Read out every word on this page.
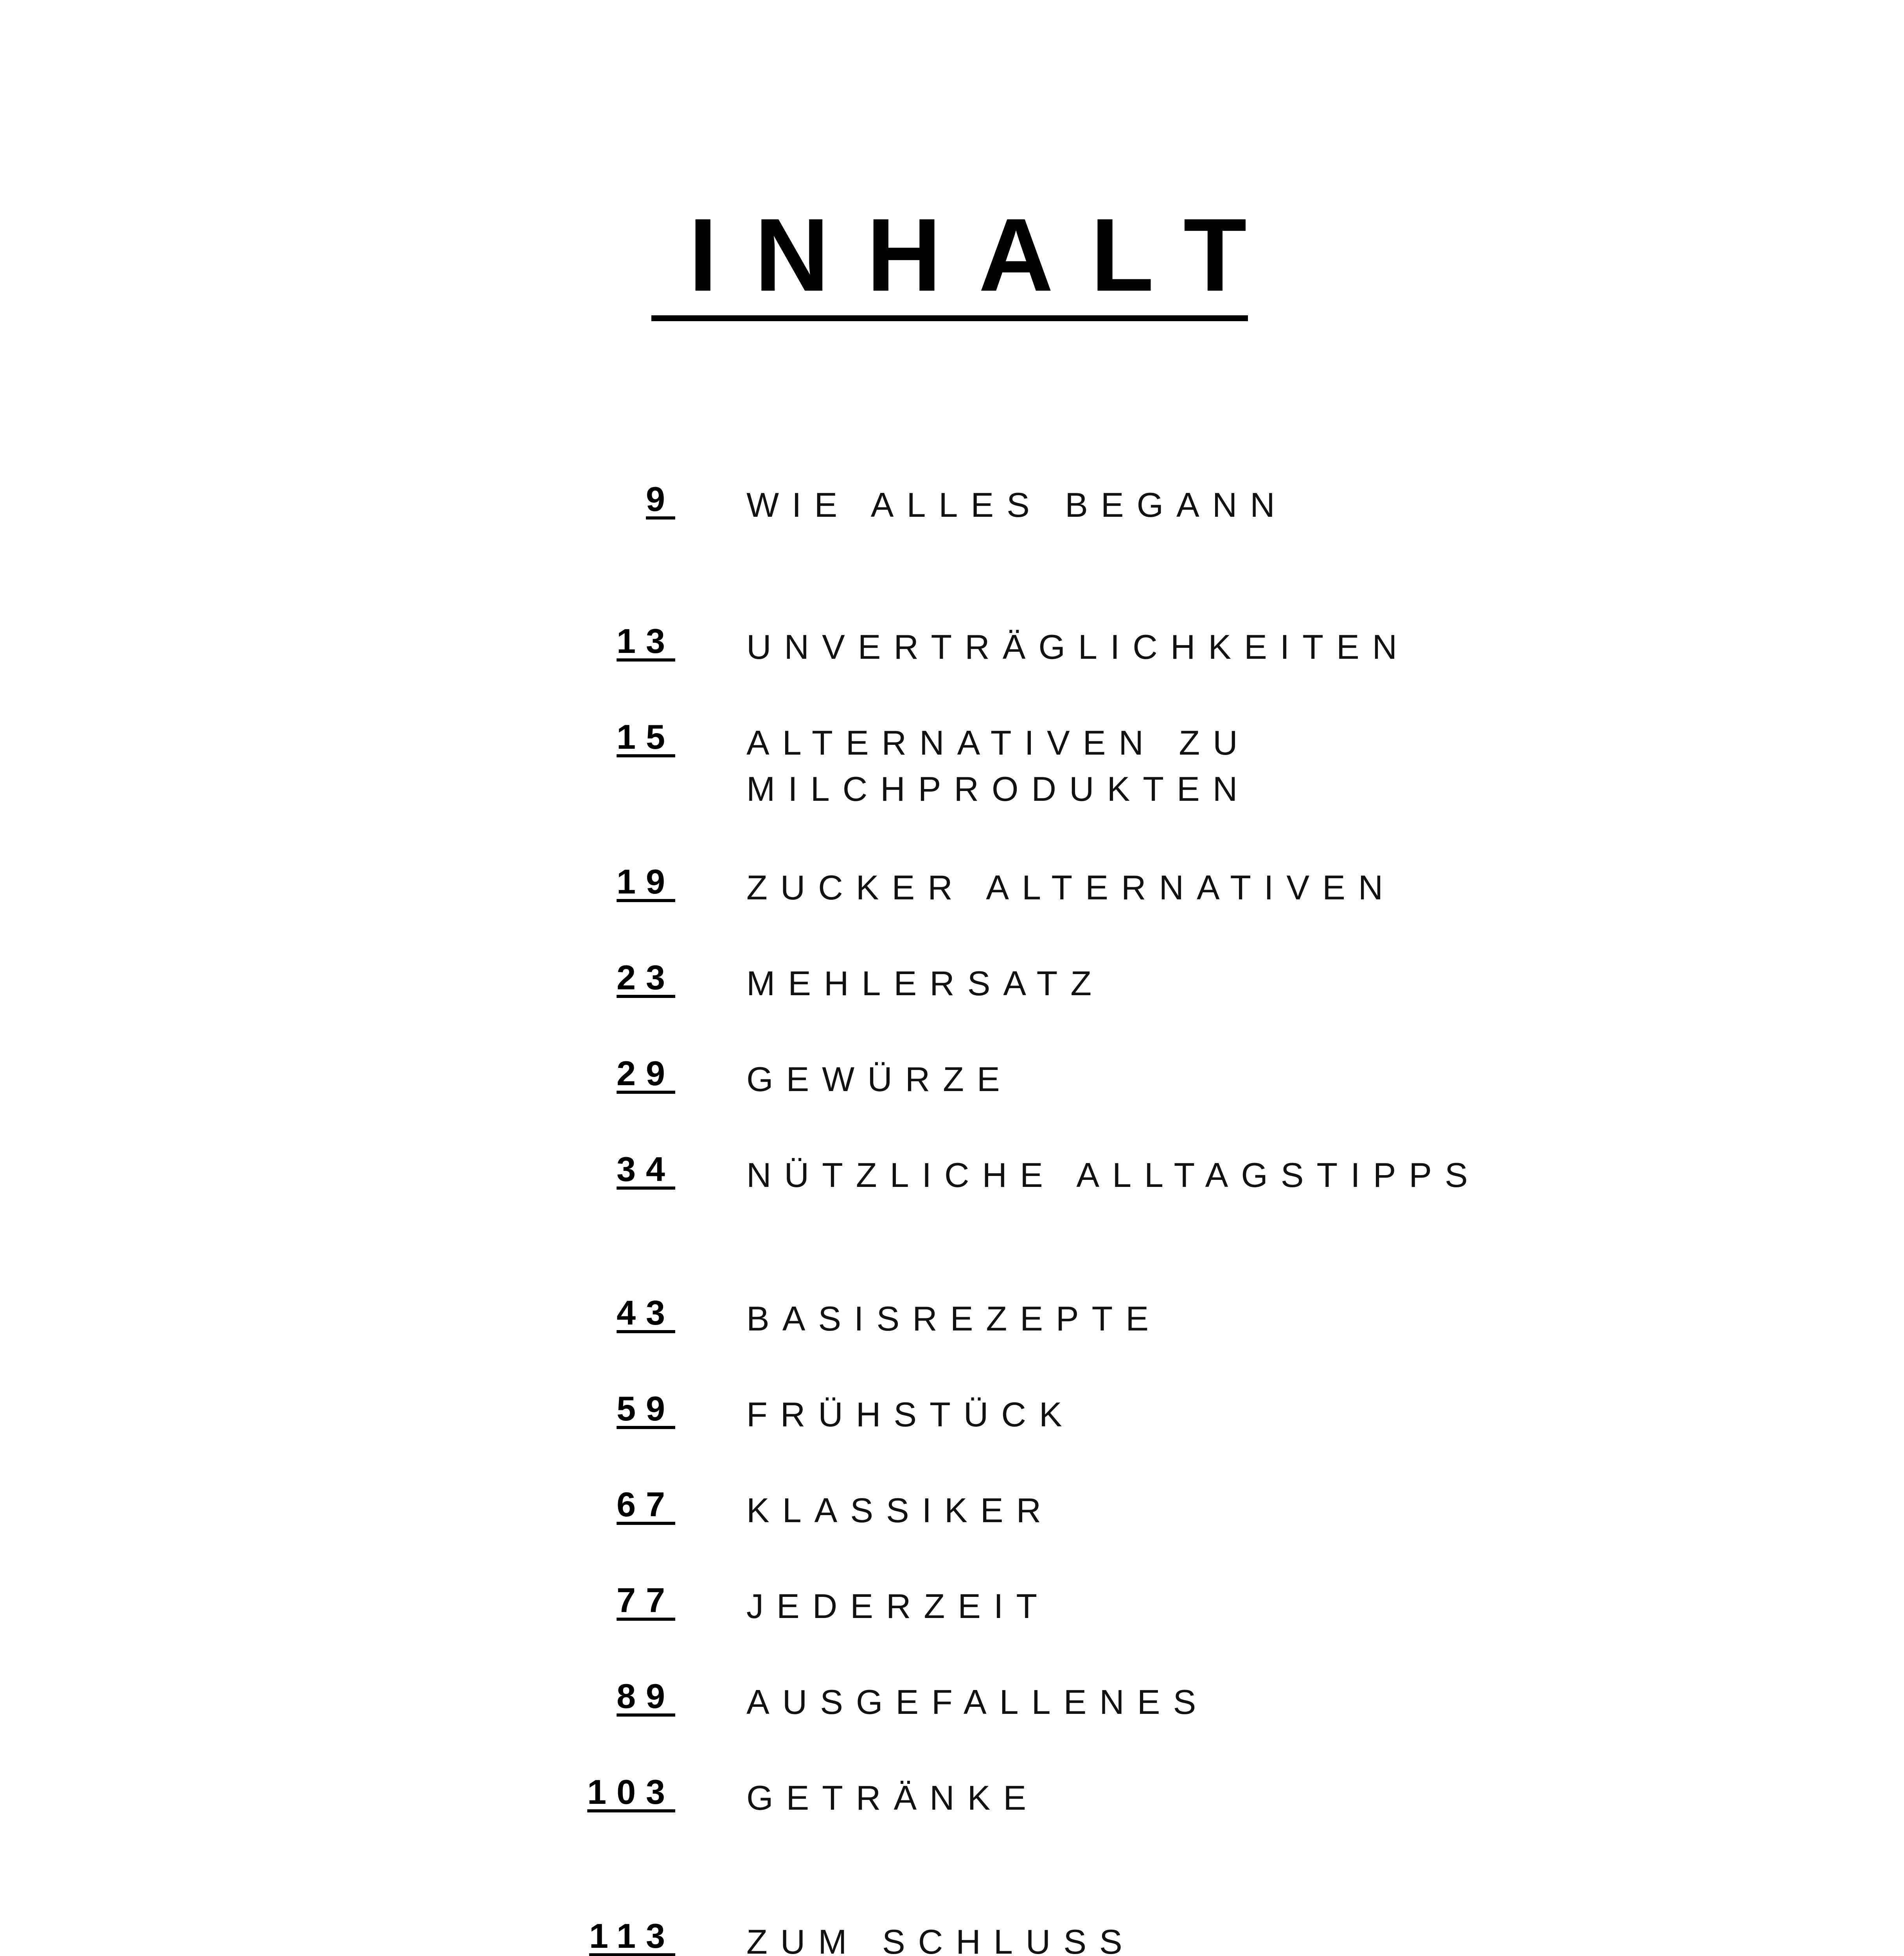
INHALT
9 WIE ALLES BEGANN
13 UNVERTRÄGLICHKEITEN
15 ALTERNATIVEN ZU
MILCHPRODUKTEN
19 ZUCKER ALTERNATIVEN
23 MEHLERSATZ
29 GEWÜRZE
34 NÜTZLICHE ALLTAGSTIPPS
43 BASISREZEPTE
59 FRÜHSTÜCK
67 KLASSIKER
77 JEDERZEIT
89 AUSGEFALLENES
103 GETRÄNKE
113 ZUM SCHLUSS
